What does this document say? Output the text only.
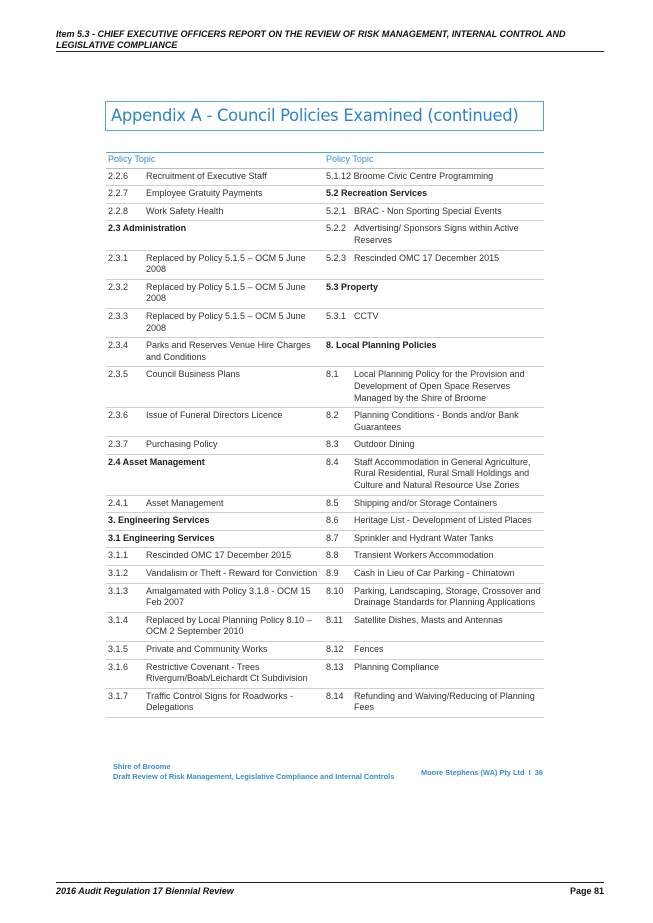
Item 5.3 - CHIEF EXECUTIVE OFFICERS REPORT ON THE REVIEW OF RISK MANAGEMENT, INTERNAL CONTROL AND LEGISLATIVE COMPLIANCE
Appendix A - Council Policies Examined (continued)
Policy Topic		Policy Topic	
2.2.6	Recruitment of Executive Staff	5.1.12 Broome Civic Centre Programming	
2.2.7	Employee Gratuity Payments	5.2 Recreation Services	
2.2.8	Work Safety Health	5.2.1	BRAC - Non Sporting Special Events
2.3 Administration		5.2.2	Advertising/ Sponsors Signs within Active Reserves
2.3.1	Replaced by Policy 5.1.5 – OCM 5 June 2008	5.2.3	Rescinded OMC 17 December 2015
2.3.2	Replaced by Policy 5.1.5 – OCM 5 June 2008	5.3 Property	
2.3.3	Replaced by Policy 5.1.5 – OCM 5 June 2008	5.3.1	CCTV
2.3.4	Parks and Reserves Venue Hire Charges and Conditions	8. Local Planning Policies	
2.3.5	Council Business Plans	8.1	Local Planning Policy for the Provision and Development of Open Space Reserves Managed by the Shire of Broome
2.3.6	Issue of Funeral Directors Licence	8.2	Planning Conditions - Bonds and/or Bank Guarantees
2.3.7	Purchasing Policy	8.3	Outdoor Dining
2.4 Asset Management		8.4	Staff Accommodation in General Agriculture, Rural Residential, Rural Small Holdings and Culture and Natural Resource Use Zones
2.4.1	Asset Management	8.5	Shipping and/or Storage Containers
3. Engineering Services		8.6	Heritage List - Development of Listed Places
3.1 Engineering Services		8.7	Sprinkler and Hydrant Water Tanks
3.1.1	Rescinded OMC 17 December 2015	8.8	Transient Workers Accommodation
3.1.2	Vandalism or Theft - Reward for Conviction	8.9	Cash in Lieu of Car Parking - Chinatown
3.1.3	Amalgamated with Policy 3.1.8 - OCM 15 Feb 2007	8.10	Parking, Landscaping, Storage, Crossover and Drainage Standards for Planning Applications
3.1.4	Replaced by Local Planning Policy 8.10 – OCM 2 September 2010	8.11	Satellite Dishes, Masts and Antennas
3.1.5	Private and Community Works	8.12	Fences
3.1.6	Restrictive Covenant - Trees Rivergum/Boab/Leichardt Ct Subdivision	8.13	Planning Compliance
3.1.7	Traffic Control Signs for Roadworks - Delegations	8.14	Refunding and Waiving/Reducing of Planning Fees
Shire of Broome
Draft Review of Risk Management, Legislative Compliance and Internal Controls	Moore Stephens (WA) Pty Ltd I 36
2016 Audit Regulation 17 Biennial Review	Page 81
